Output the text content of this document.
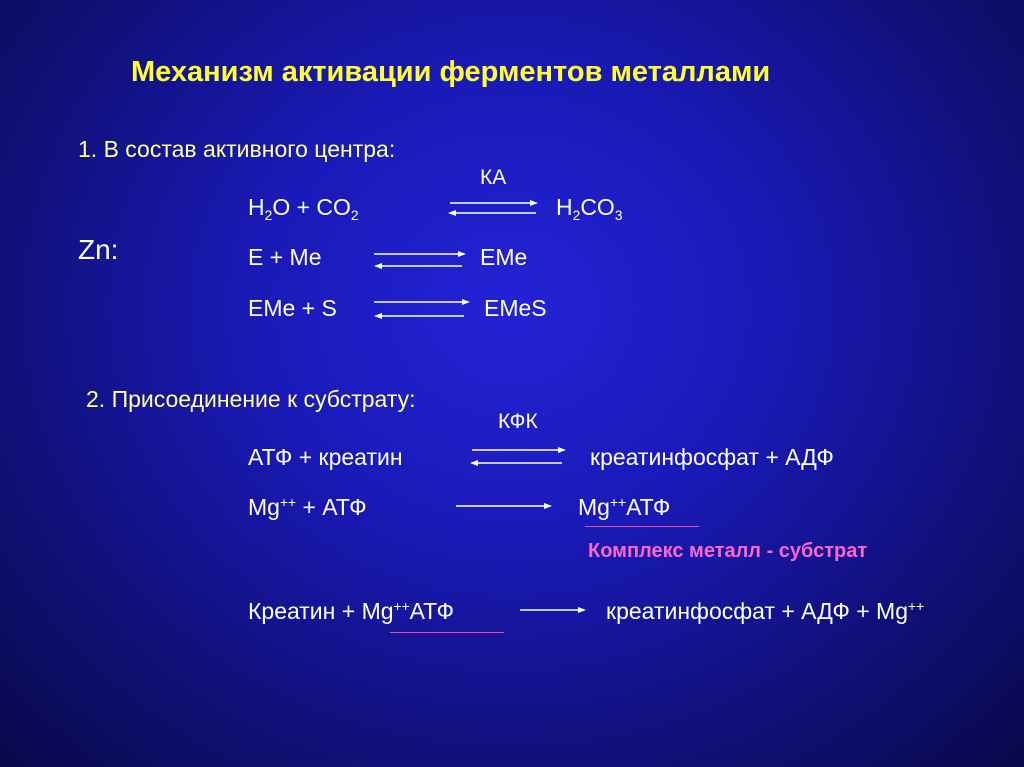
Механизм активации ферментов металлами
1. В состав активного центра:
Zn:
КА
$H_2O + CO_2$	$H_2CO_3$
E + Me	EMe
EMe + S	EMeS
2. Присоединение к субстрату:
КФК
АТФ + креатин	креатинфосфат + АДФ
Mg++ + АТФ	Mg++АТФ
Комплекс металл - субстрат
Креатин + Mg++АТФ	креатинфосфат + АДФ + Mg++
